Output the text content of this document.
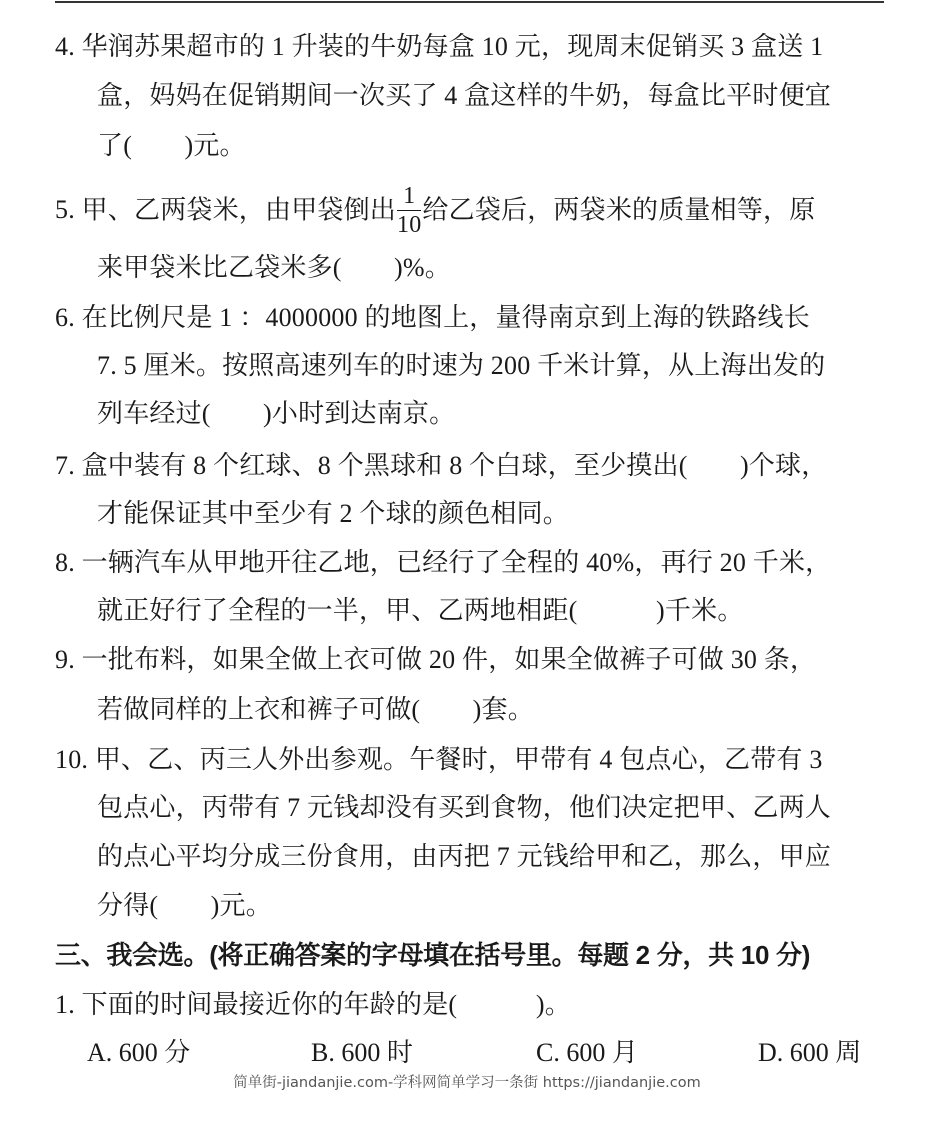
4. 华润苏果超市的 1 升装的牛奶每盒 10 元，现周末促销买 3 盒送 1
盒，妈妈在促销期间一次买了 4 盒这样的牛奶，每盒比平时便宜
了(　　)元。
5. 甲、乙两袋米，由甲袋倒出 $\frac{1}{10}$ 给乙袋后，两袋米的质量相等，原
来甲袋米比乙袋米多(　　)%。
6. 在比例尺是 1 ：4000000 的地图上，量得南京到上海的铁路线长
7. 5 厘米。按照高速列车的时速为 200 千米计算，从上海出发的
列车经过(　　)小时到达南京。
7. 盒中装有 8 个红球、8 个黑球和 8 个白球，至少摸出(　　)个球，
才能保证其中至少有 2 个球的颜色相同。
8. 一辆汽车从甲地开往乙地，已经行了全程的 40%，再行 20 千米，
就正好行了全程的一半，甲、乙两地相距(　　　)千米。
9. 一批布料，如果全做上衣可做 20 件，如果全做裤子可做 30 条，
若做同样的上衣和裤子可做(　　)套。
10. 甲、乙、丙三人外出参观。午餐时，甲带有 4 包点心，乙带有 3
包点心，丙带有 7 元钱却没有买到食物，他们决定把甲、乙两人
的点心平均分成三份食用，由丙把 7 元钱给甲和乙，那么，甲应
分得(　　)元。
三、我会选。(将正确答案的字母填在括号里。每题 2 分，共 10 分)
1. 下面的时间最接近你的年龄的是(　　　)。
A. 600 分	B. 600 时	C. 600 月	D. 600 周
简单街-jiandanjie.com-学科网简单学习一条街 https://jiandanjie.com
